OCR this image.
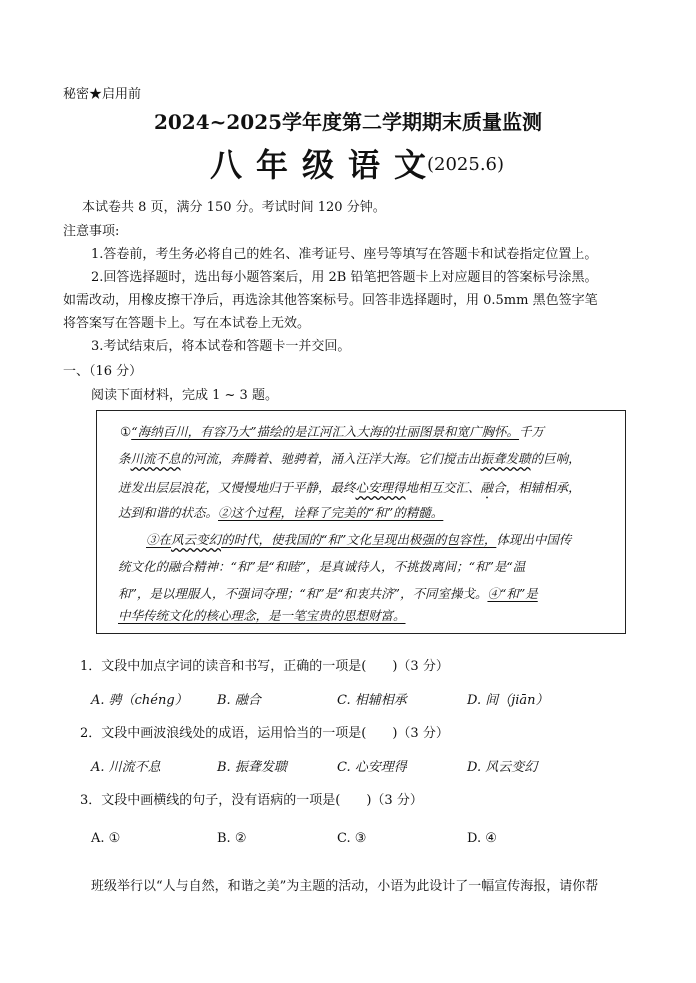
秘密★启用前
2024~2025学年度第二学期期末质量监测
八年级语文
(2025.6)
本试卷共 8 页，满分 150 分。考试时间 120 分钟。
注意事项:
1.答卷前，考生务必将自己的姓名、准考证号、座号等填写在答题卡和试卷指定位置上。
2.回答选择题时，选出每小题答案后，用 2B 铅笔把答题卡上对应题目的答案标号涂黑。
如需改动，用橡皮擦干净后，再选涂其他答案标号。回答非选择题时，用 0.5mm 黑色签字笔
将答案写在答题卡上。写在本试卷上无效。
3.考试结束后，将本试卷和答题卡一并交回。
一、（16 分）
阅读下面材料，完成 1 ~ 3 题。
①“海纳百川，有容乃大”描绘的是江河汇入大海的壮丽图景和宽广胸怀。千万
条川流不息的河流，奔腾着、驰骋着，涌入汪洋大海。它们搅击出振聋发聩的巨响，
迸发出层层浪花，又慢慢地归于平静，最终心安理得地相互交汇、融合，相辅相承，
达到和谐的状态。②这个过程，诠释了完美的“和”的精髓。
③在风云变幻的时代，使我国的“和”文化呈现出极强的包容性，体现出中国传
统文化的融合精神：“和”是“和睦”，是真诚待人，不挑拨离间；“和”是“温
和”，是以理服人，不强词夺理；“和”是“和衷共济”，不同室操戈。④“和”是
中华传统文化的核心理念，是一笔宝贵的思想财富。
1．文段中加点字词的读音和书写，正确的一项是(　　)（3 分）
A. 骋（chéng） B. 融合	C. 相辅相承	D. 间（jiān）
2．文段中画波浪线处的成语，运用恰当的一项是(　　)（3 分）
A. 川流不息	B. 振聋发聩	C. 心安理得	D. 风云变幻
3．文段中画横线的句子，没有语病的一项是(　　)（3 分）
A. ①	B. ②	C. ③	D. ④
班级举行以“人与自然，和谐之美”为主题的活动，小语为此设计了一幅宣传海报，请你帮
